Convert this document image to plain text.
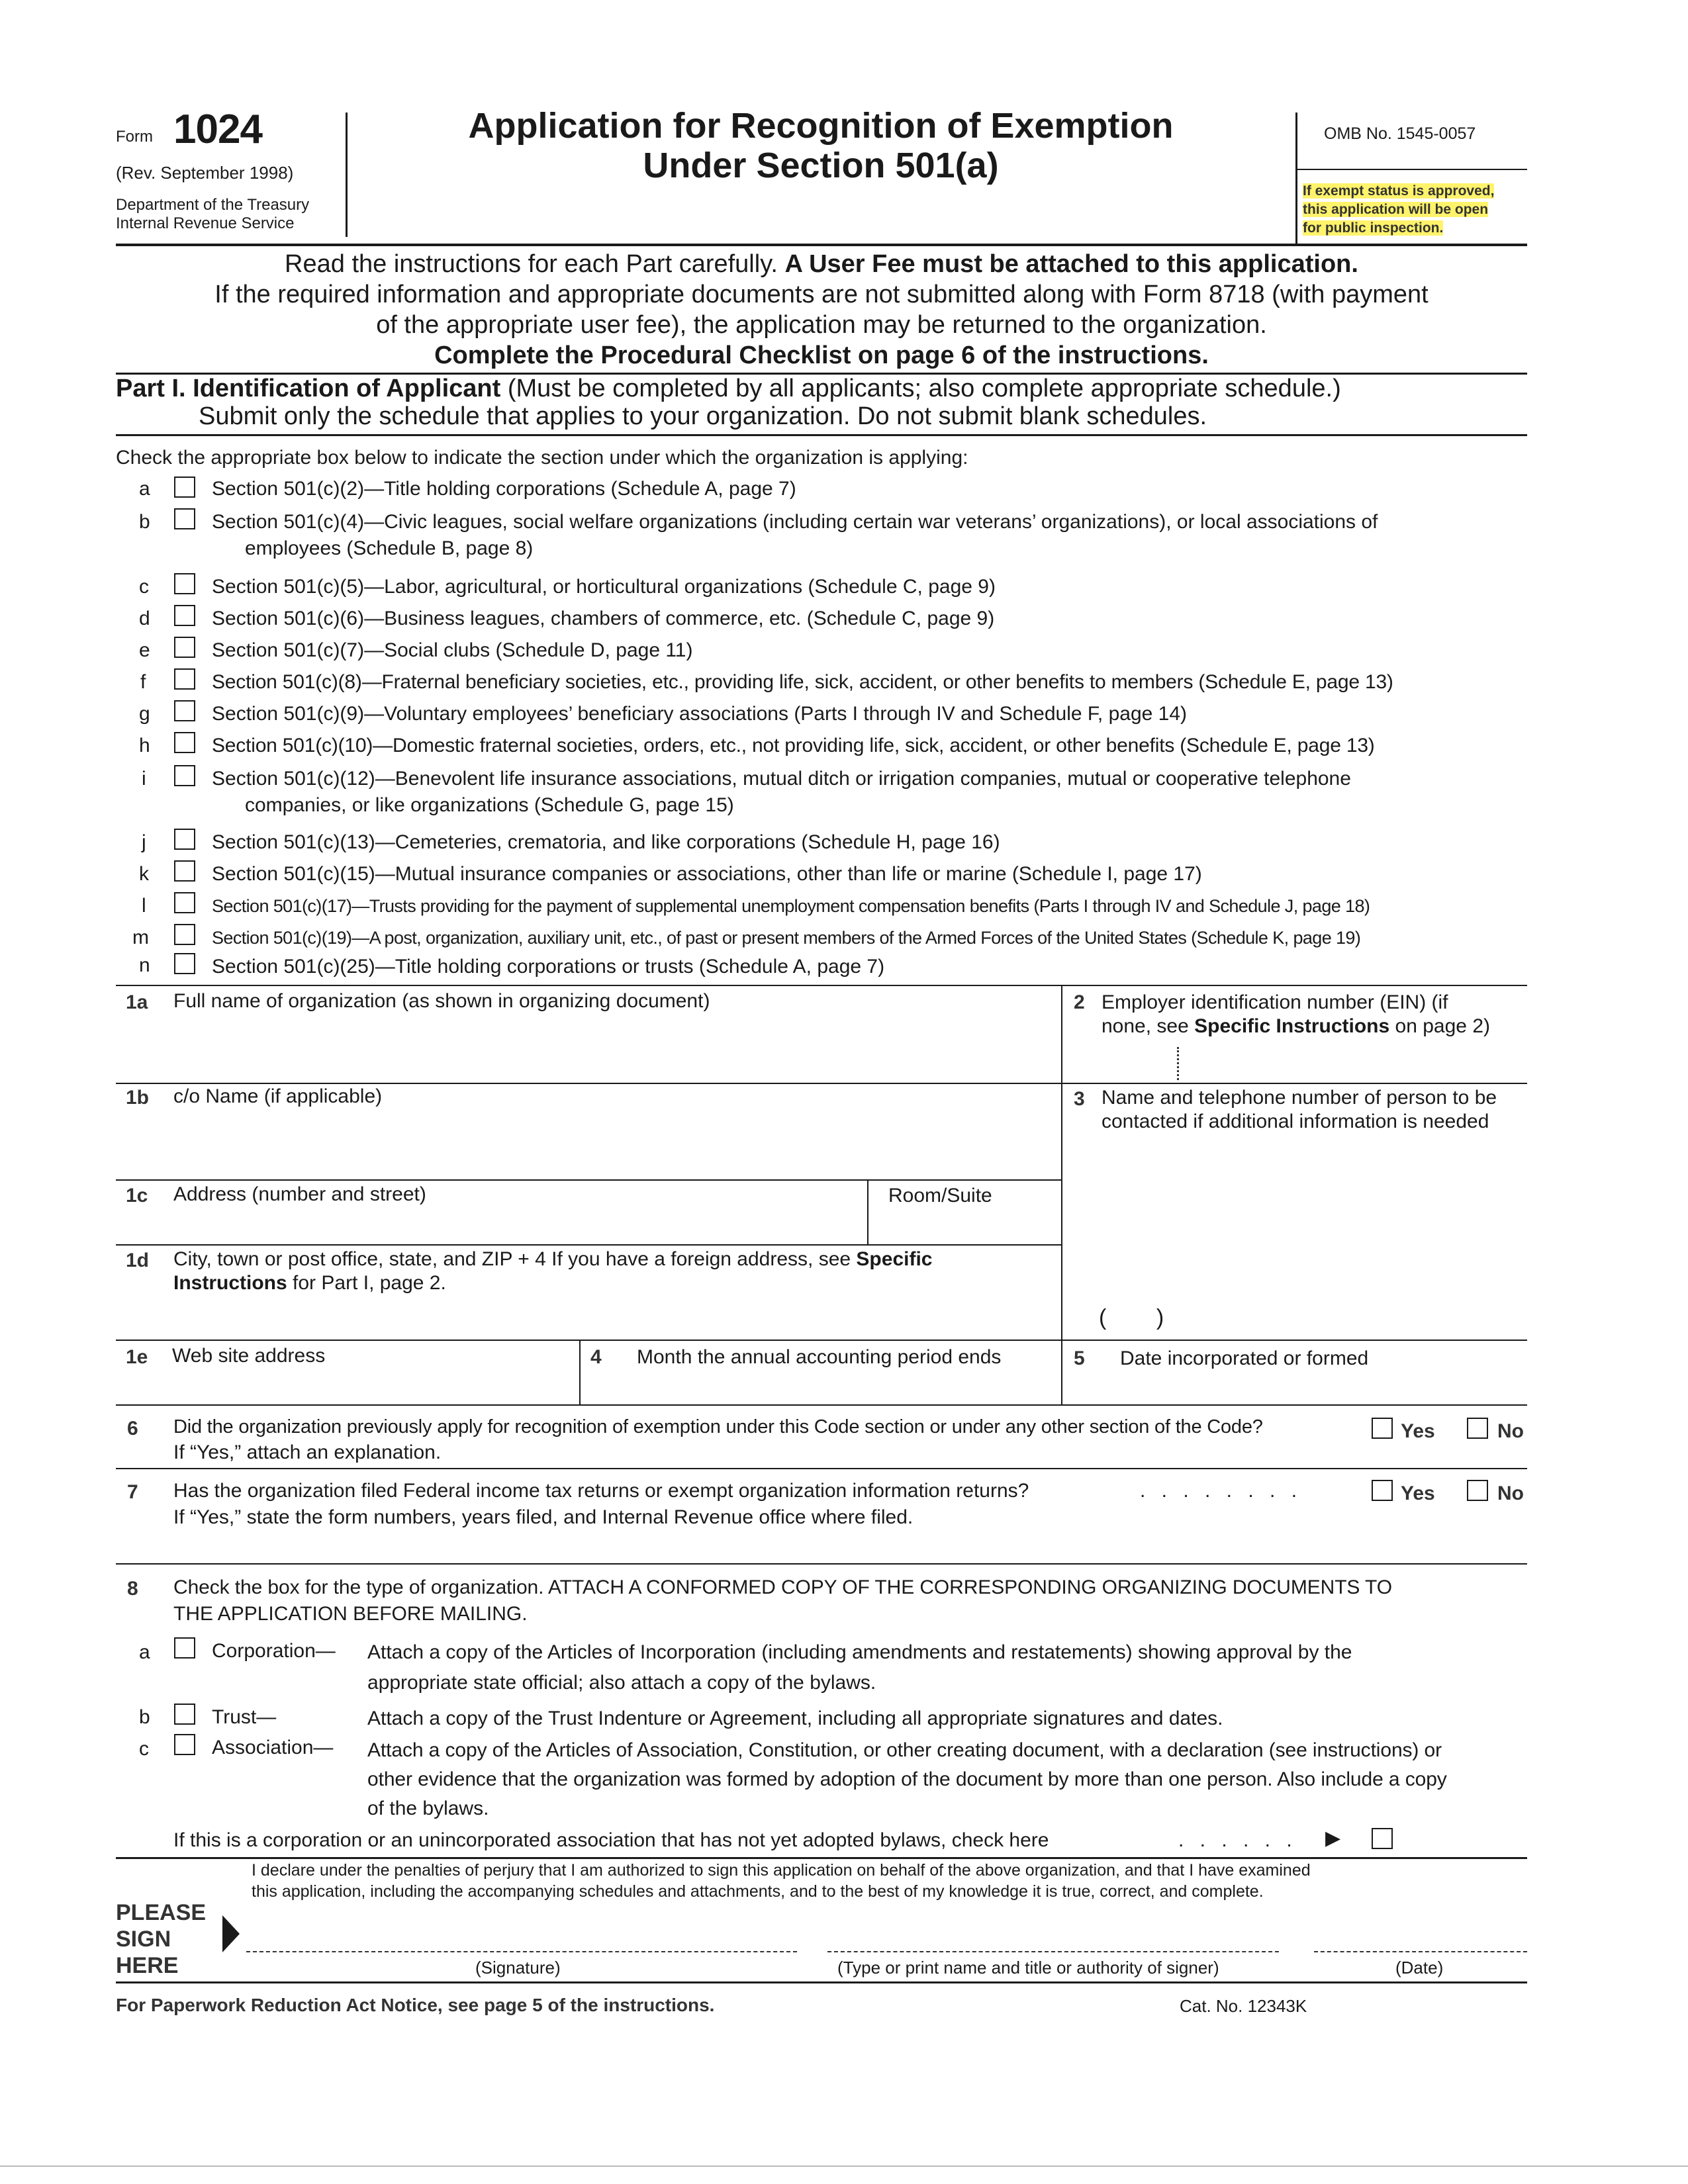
Form 1024
(Rev. September 1998)
Department of the Treasury
Internal Revenue Service
Application for Recognition of Exemption
Under Section 501(a)
OMB No. 1545-0057
If exempt status is approved,
this application will be open
for public inspection.
Read the instructions for each Part carefully. A User Fee must be attached to this application.
If the required information and appropriate documents are not submitted along with Form 8718 (with payment
of the appropriate user fee), the application may be returned to the organization.
Complete the Procedural Checklist on page 6 of the instructions.
Part I. Identification of Applicant (Must be completed by all applicants; also complete appropriate schedule.)
Submit only the schedule that applies to your organization. Do not submit blank schedules.
Check the appropriate box below to indicate the section under which the organization is applying:
a	Section 501(c)(2)—Title holding corporations (Schedule A, page 7)
b	Section 501(c)(4)—Civic leagues, social welfare organizations (including certain war veterans’ organizations), or local associations of
employees (Schedule B, page 8)
c	Section 501(c)(5)—Labor, agricultural, or horticultural organizations (Schedule C, page 9)
d	Section 501(c)(6)—Business leagues, chambers of commerce, etc. (Schedule C, page 9)
e	Section 501(c)(7)—Social clubs (Schedule D, page 11)
f	Section 501(c)(8)—Fraternal beneficiary societies, etc., providing life, sick, accident, or other benefits to members (Schedule E, page 13)
g	Section 501(c)(9)—Voluntary employees’ beneficiary associations (Parts I through IV and Schedule F, page 14)
h	Section 501(c)(10)—Domestic fraternal societies, orders, etc., not providing life, sick, accident, or other benefits (Schedule E, page 13)
i	Section 501(c)(12)—Benevolent life insurance associations, mutual ditch or irrigation companies, mutual or cooperative telephone
companies, or like organizations (Schedule G, page 15)
j	Section 501(c)(13)—Cemeteries, crematoria, and like corporations (Schedule H, page 16)
k	Section 501(c)(15)—Mutual insurance companies or associations, other than life or marine (Schedule I, page 17)
l	Section 501(c)(17)—Trusts providing for the payment of supplemental unemployment compensation benefits (Parts I through IV and Schedule J, page 18)
m	Section 501(c)(19)—A post, organization, auxiliary unit, etc., of past or present members of the Armed Forces of the United States (Schedule K, page 19)
n	Section 501(c)(25)—Title holding corporations or trusts (Schedule A, page 7)
1a Full name of organization (as shown in organizing document)	2 Employer identification number (EIN) (if
none, see Specific Instructions on page 2)
1b c/o Name (if applicable)	3 Name and telephone number of person to be
contacted if additional information is needed
(        )
1c Address (number and street)	Room/Suite
1d City, town or post office, state, and ZIP + 4 If you have a foreign address, see Specific
Instructions for Part I, page 2.
1e Web site address	4 Month the annual accounting period ends	5 Date incorporated or formed
6 Did the organization previously apply for recognition of exemption under this Code section or under any other section of the Code?
If “Yes,” attach an explanation.
Yes	No
7 Has the organization filed Federal income tax returns or exempt organization information returns?	. . . . . . . .
If “Yes,” state the form numbers, years filed, and Internal Revenue office where filed.
Yes	No
8 Check the box for the type of organization. ATTACH A CONFORMED COPY OF THE CORRESPONDING ORGANIZING DOCUMENTS TO
THE APPLICATION BEFORE MAILING.
a	Corporation— Attach a copy of the Articles of Incorporation (including amendments and restatements) showing approval by the
appropriate state official; also attach a copy of the bylaws.
b	Trust—	Attach a copy of the Trust Indenture or Agreement, including all appropriate signatures and dates.
c	Association— Attach a copy of the Articles of Association, Constitution, or other creating document, with a declaration (see instructions) or
other evidence that the organization was formed by adoption of the document by more than one person. Also include a copy
of the bylaws.
If this is a corporation or an unincorporated association that has not yet adopted bylaws, check here	. . . . . . ▶
I declare under the penalties of perjury that I am authorized to sign this application on behalf of the above organization, and that I have examined
this application, including the accompanying schedules and attachments, and to the best of my knowledge it is true, correct, and complete.
PLEASE
SIGN
HERE	(Signature)	(Type or print name and title or authority of signer)	(Date)
For Paperwork Reduction Act Notice, see page 5 of the instructions.	Cat. No. 12343K
